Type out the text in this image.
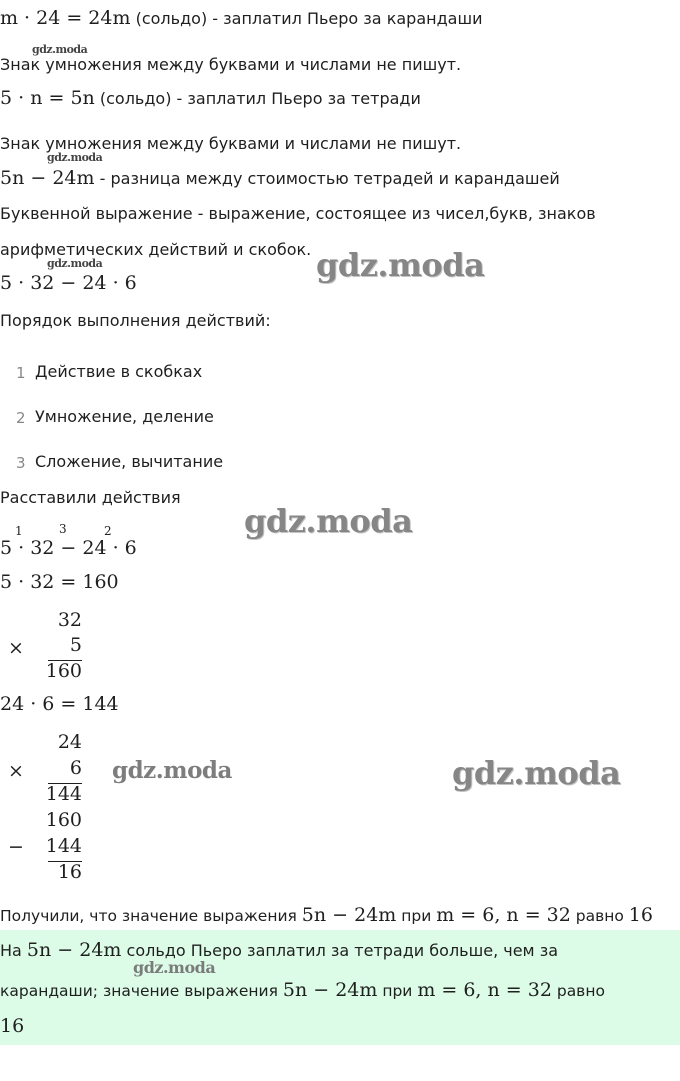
m · 24 = 24m (сольдо) - заплатил Пьеро за карандаши
gdz.moda
Знак умножения между буквами и числами не пишут.
5 · n = 5n (сольдо) - заплатил Пьеро за тетради
Знак умножения между буквами и числами не пишут.
gdz.moda
5n − 24m - разница между стоимостью тетрадей и карандашей
Буквенной выражение - выражение, состоящее из чисел,букв, знаков
арифметических действий и скобок. gdz.moda
gdz.moda
5 · 32 − 24 · 6
Порядок выполнения действий:
1 Действие в скобках
2 Умножение, деление
3 Сложение, вычитание
Расставили действия
gdz.moda
1	3	2
5 · 32 − 24 · 6
5 · 32 = 160
32
×	5
160
24 · 6 = 144
24
×	6
144
gdz.moda	gdz.moda
160
−	144
16
Получили, что значение выражения 5n − 24m при m = 6, n = 32 равно 16
На 5n − 24m сольдо Пьеро заплатил за тетради больше, чем за
gdz.moda
карандаши; значение выражения 5n − 24m при m = 6, n = 32 равно
16
